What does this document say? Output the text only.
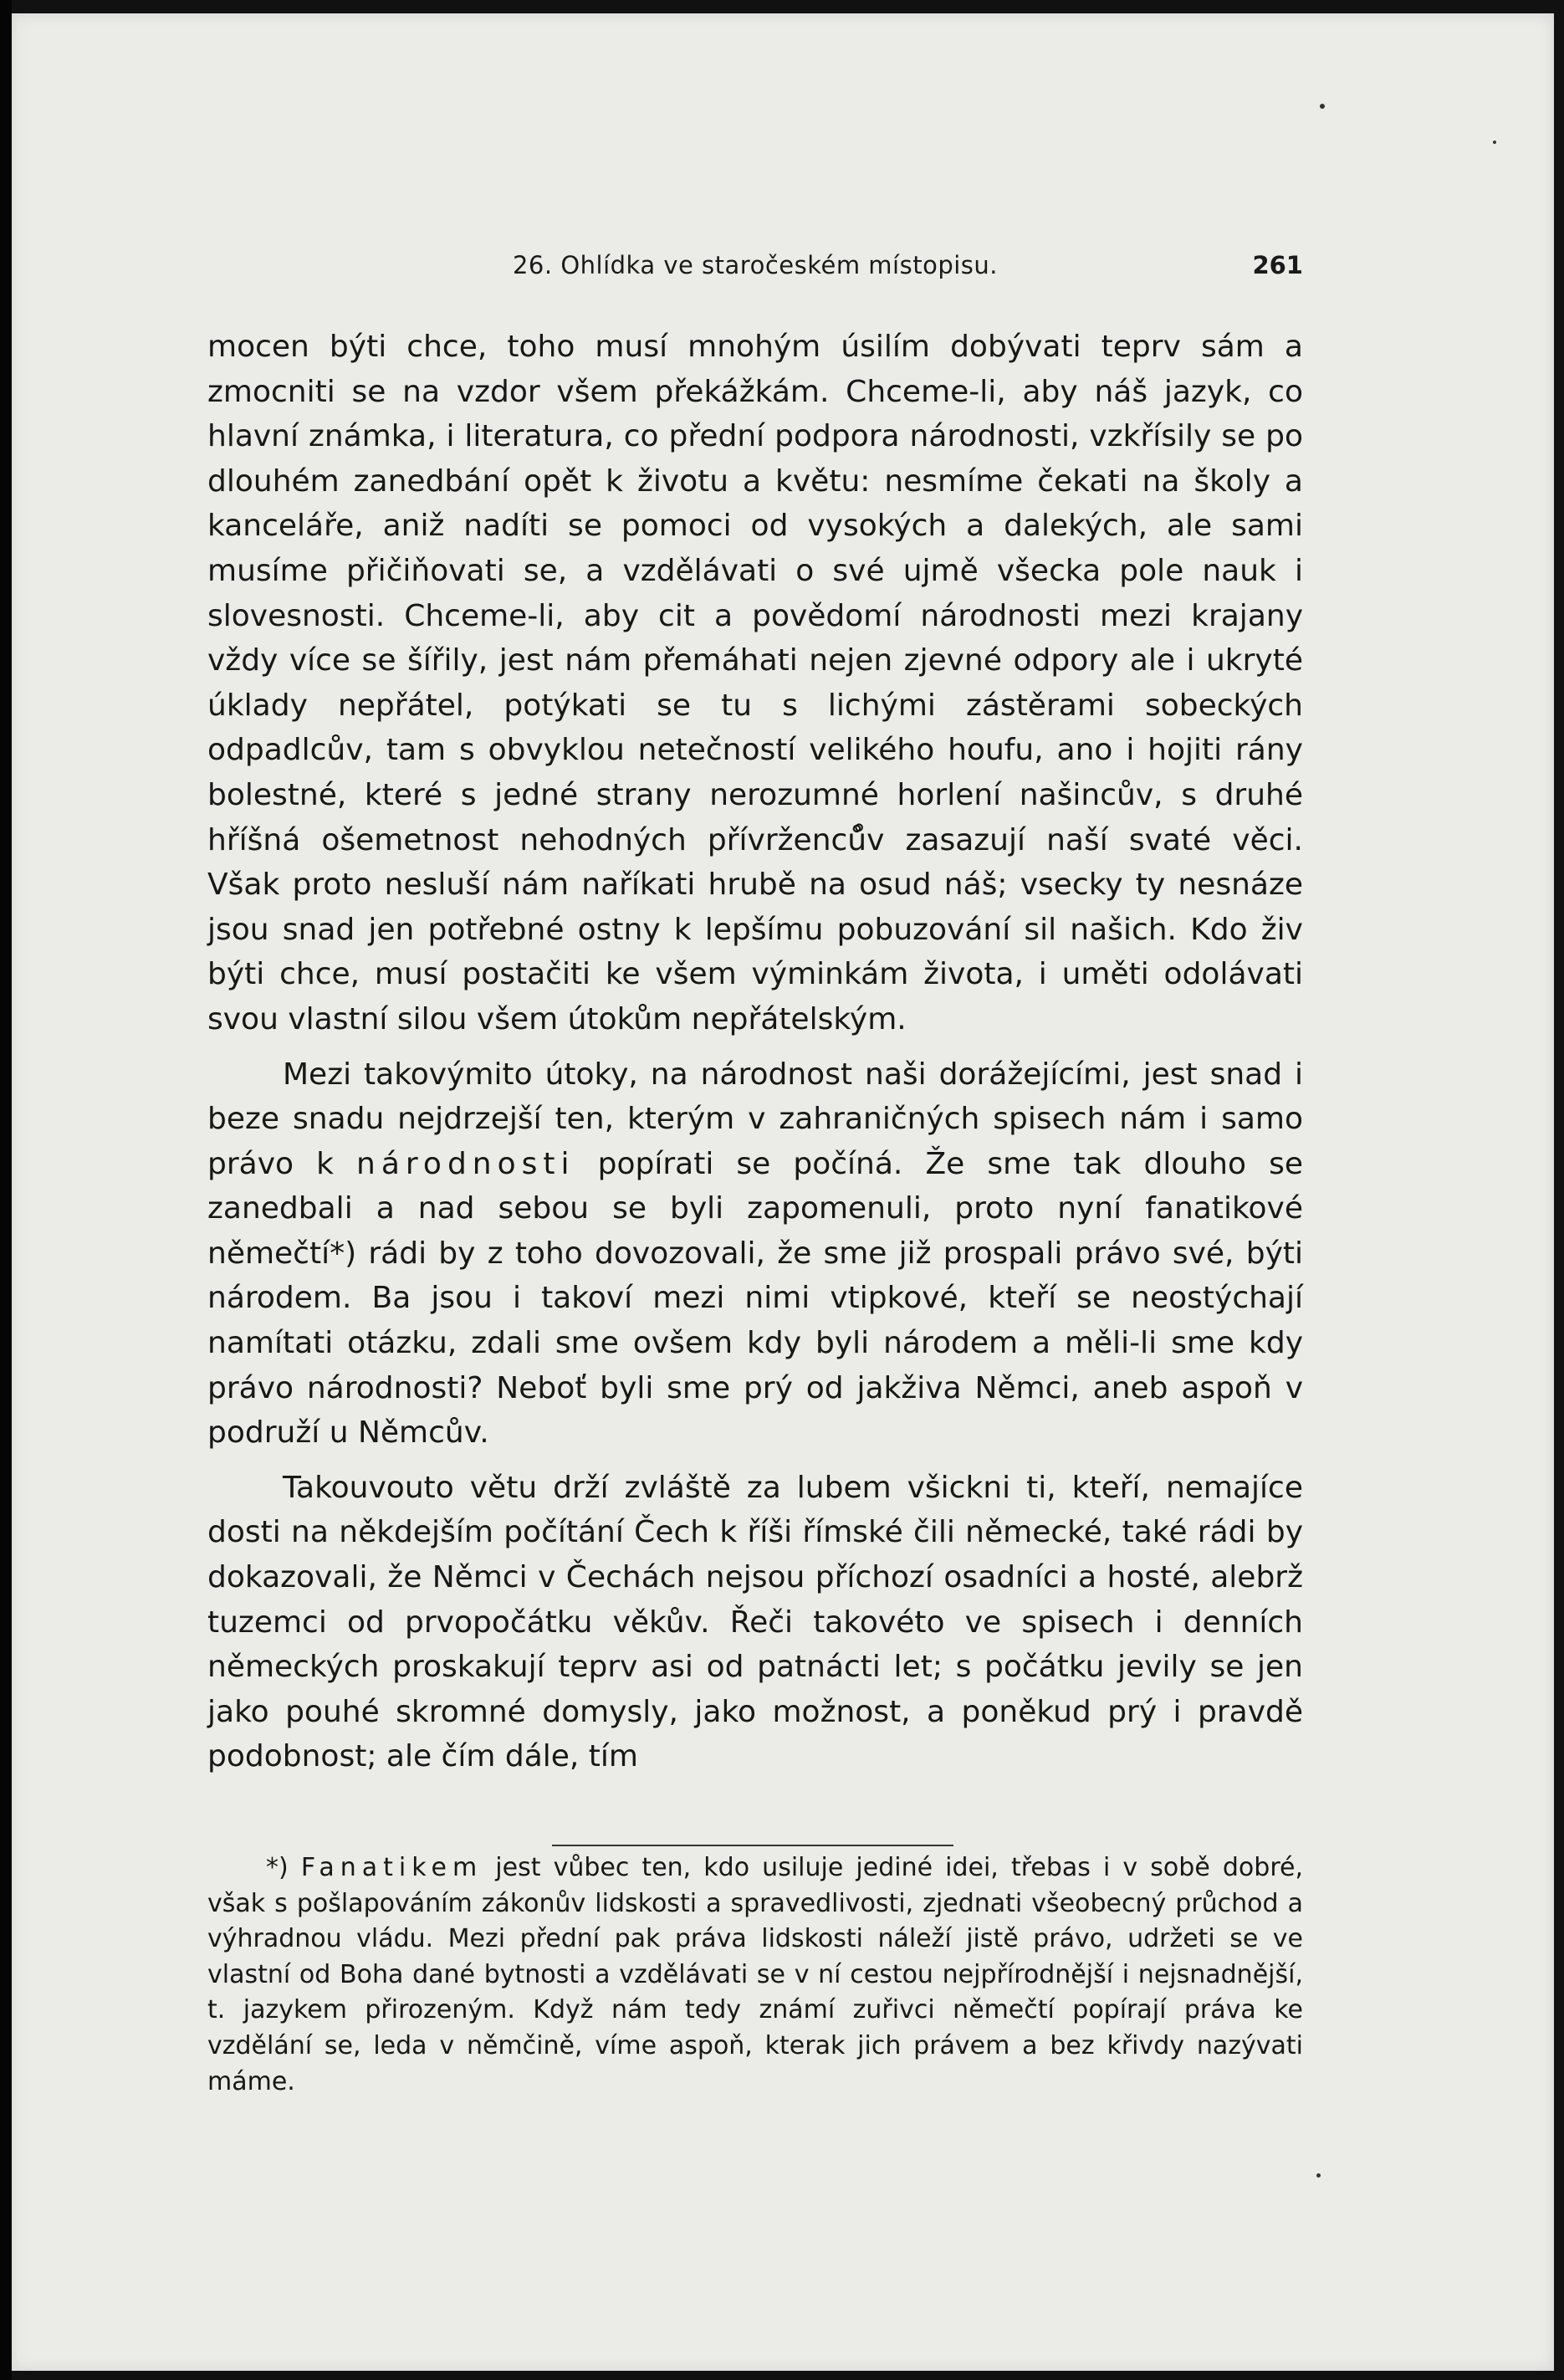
26. Ohlídka ve staročeském místopisu.	261

mocen býti chce, toho musí mnohým úsilím dobývati teprv sám a zmocniti se na vzdor všem překážkám. Chceme-li, aby náš jazyk, co hlavní známka, i literatura, co přední podpora národnosti, vzkřísily se po dlouhém zanedbání opět k životu a květu: nesmíme čekati na školy a kanceláře, aniž nadíti se pomoci od vysokých a dalekých, ale sami musíme přičiňovati se, a vzdělávati o své ujmě všecka pole nauk i slovesnosti. Chceme-li, aby cit a povědomí národnosti mezi krajany vždy více se šířily, jest nám přemáhati nejen zjevné odpory ale i ukryté úklady nepřátel, potýkati se tu s lichými zástěrami sobeckých odpadlcův, tam s obvyklou netečností velikého houfu, ano i hojiti rány bolestné, které s jedné strany nerozumné horlení našincův, s druhé hříšná ošemetnost nehodných přívrženců̊v zasazují naší svaté věci. Však proto nesluší nám naříkati hrubě na osud náš; vsecky ty nesnáze jsou snad jen potřebné ostny k lepšímu pobuzování sil našich. Kdo živ býti chce, musí postačiti ke všem výminkám života, i uměti odolávati svou vlastní silou všem útokům nepřátelským.

Mezi takovýmito útoky, na národnost naši dorážejícími, jest snad i beze snadu nejdrzejší ten, kterým v zahraničných spisech nám i samo právo k národnosti popírati se počíná. Že sme tak dlouho se zanedbali a nad sebou se byli zapomenuli, proto nyní fanatikové němečtí*) rádi by z toho dovozovali, že sme již prospali právo své, býti národem. Ba jsou i takoví mezi nimi vtipkové, kteří se neostýchají namítati otázku, zdali sme ovšem kdy byli národem a měli-li sme kdy právo národnosti? Neboť byli sme prý od jakživa Němci, aneb aspoň v podruží u Němcův.

Takouvouto větu drží zvláště za lubem všickni ti, kteří, nemajíce dosti na někdejším počítání Čech k říši římské čili německé, také rádi by dokazovali, že Němci v Čechách nejsou příchozí osadníci a hosté, alebrž tuzemci od prvopočátku věkův. Řeči takovéto ve spisech i denních německých proskakují teprv asi od patnácti let; s počátku jevily se jen jako pouhé skromné domysly, jako možnost, a poněkud prý i pravdě podobnost; ale čím dále, tím

*) Fanatikem jest vůbec ten, kdo usiluje jediné idei, třebas i v sobě dobré, však s pošlapováním zákonův lidskosti a spravedlivosti, zjednati všeobecný průchod a výhradnou vládu. Mezi přední pak práva lidskosti náleží jistě právo, udržeti se ve vlastní od Boha dané bytnosti a vzdělávati se v ní cestou nejpřírodnější i nejsnadnější, t. jazykem přirozeným. Když nám tedy známí zuřivci němečtí popírají práva ke vzdělání se, leda v němčině, víme aspoň, kterak jich právem a bez křivdy nazývati máme.
